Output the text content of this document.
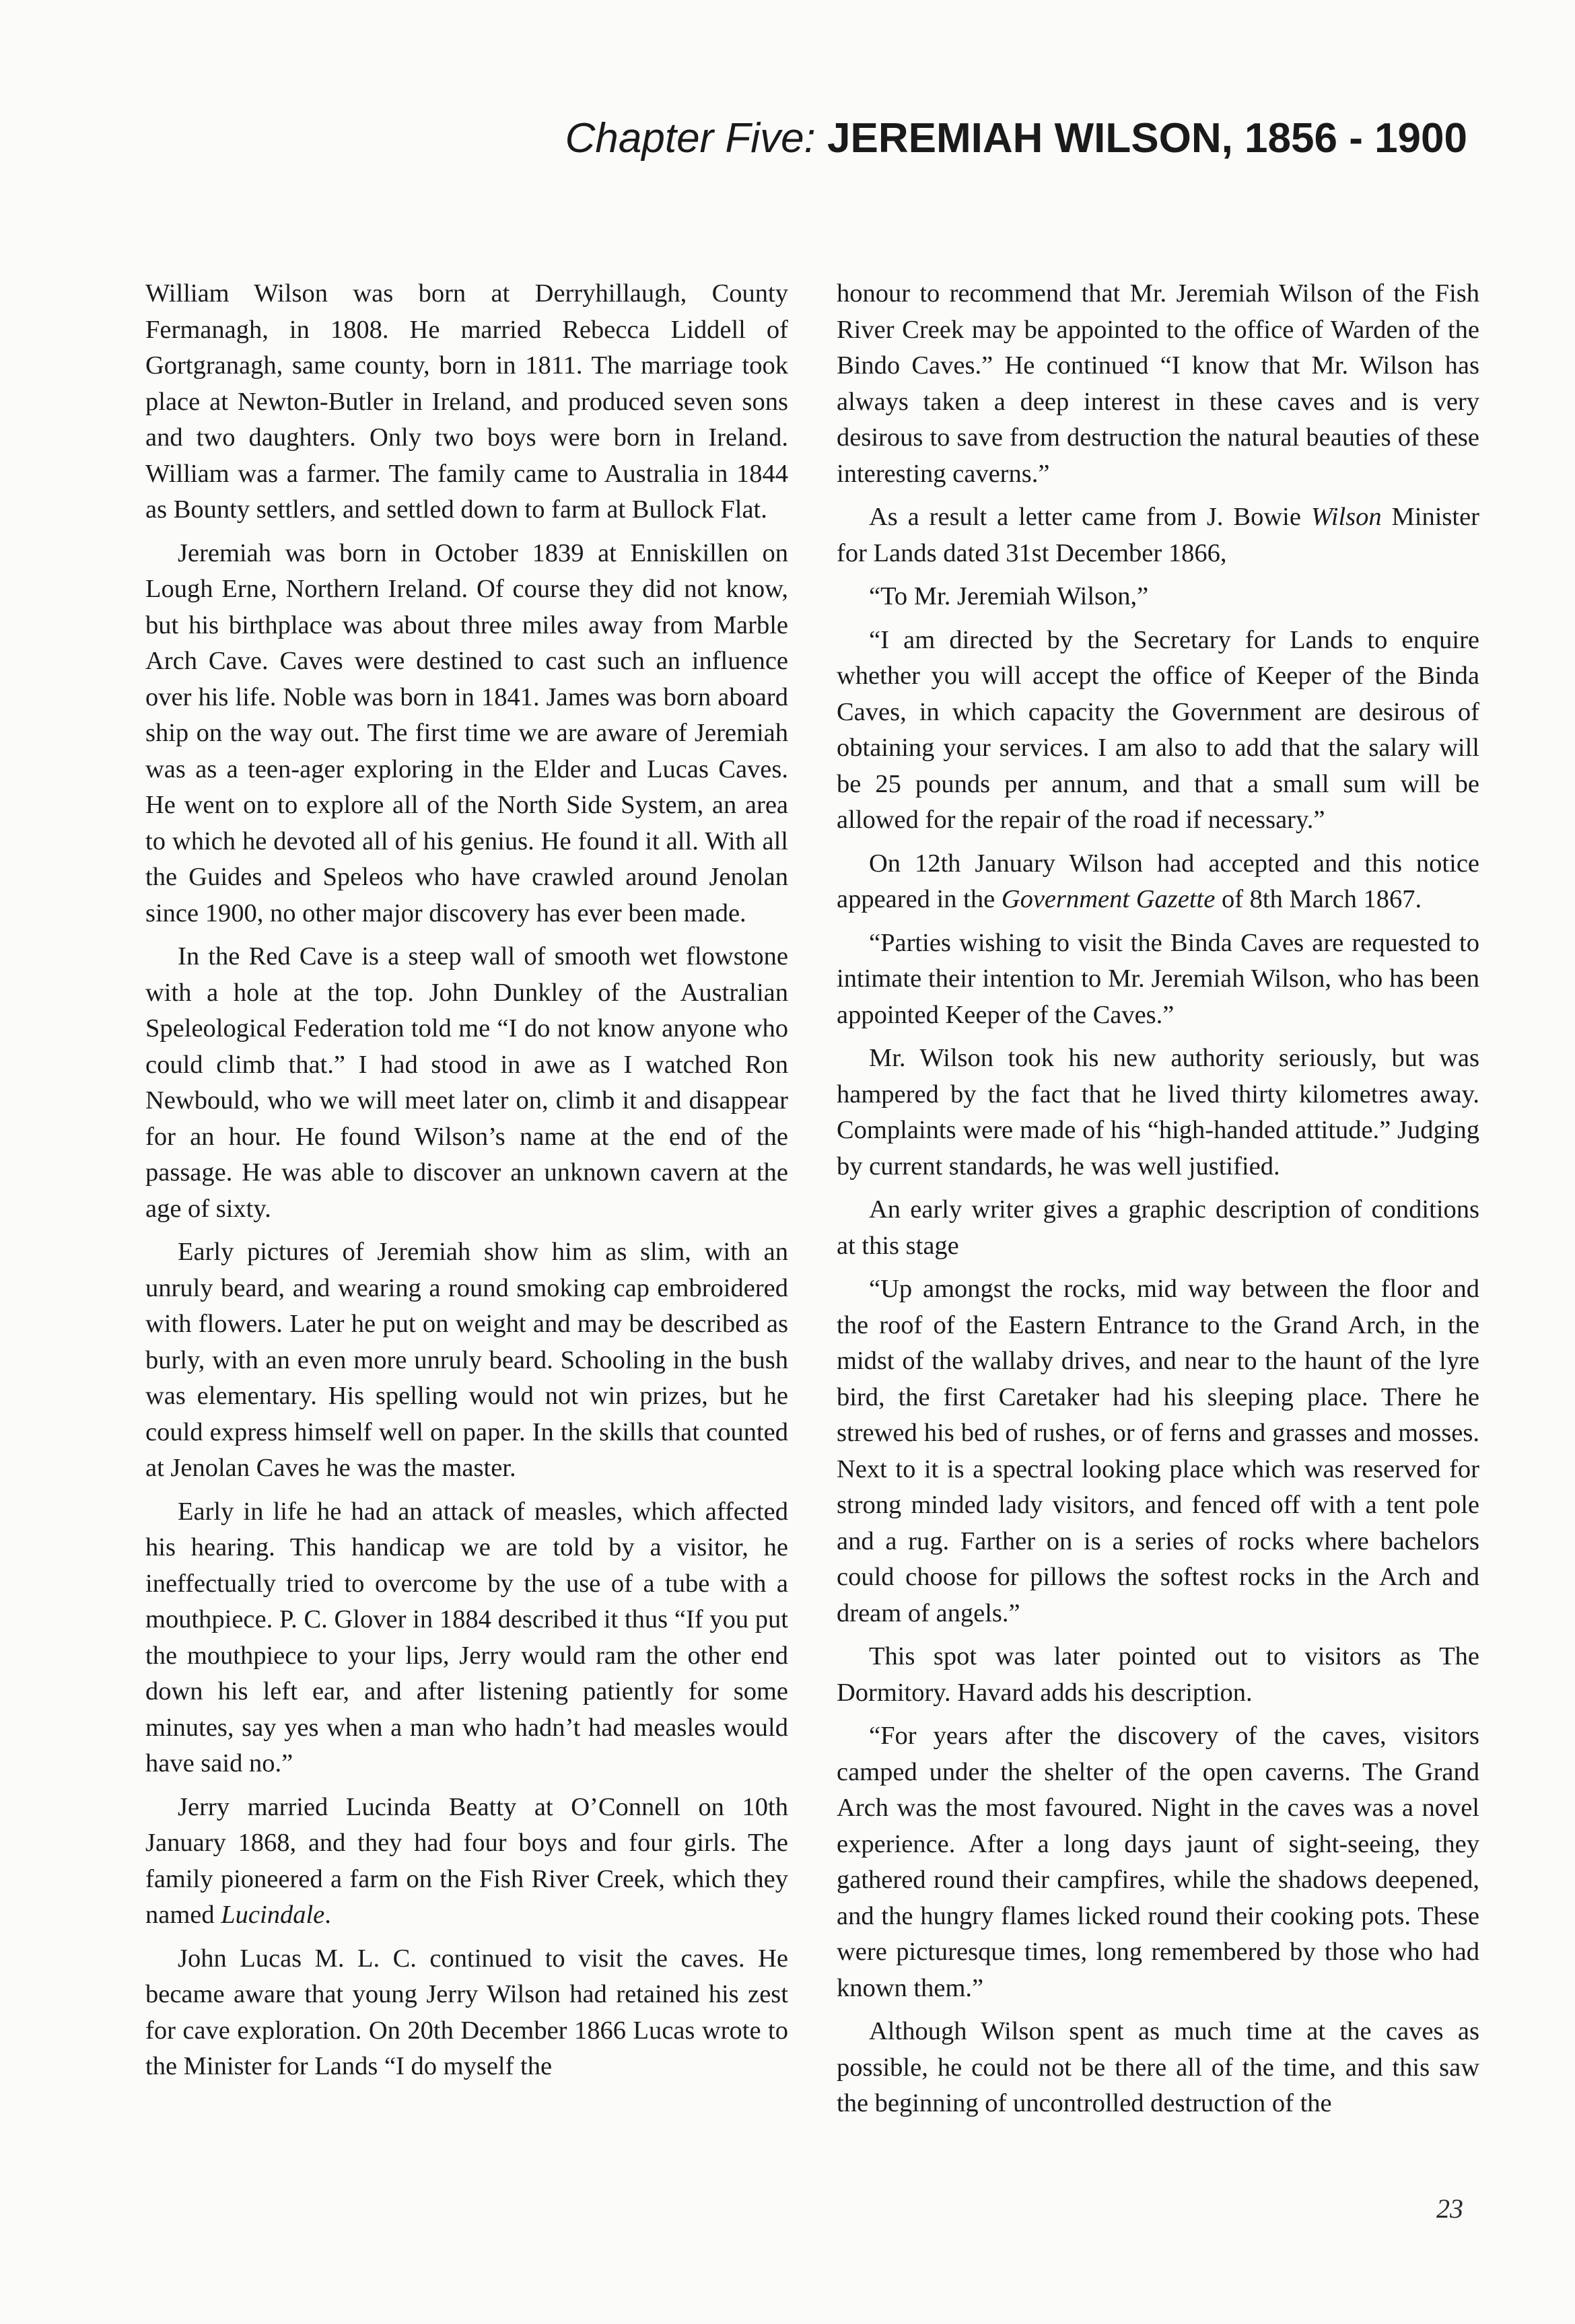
Chapter Five: JEREMIAH WILSON, 1856 - 1900

William Wilson was born at Derryhillaugh, County Fermanagh, in 1808. He married Rebecca Liddell of Gortgranagh, same county, born in 1811. The marriage took place at Newton-Butler in Ireland, and produced seven sons and two daughters. Only two boys were born in Ireland. William was a farmer. The family came to Australia in 1844 as Bounty settlers, and settled down to farm at Bullock Flat.

Jeremiah was born in October 1839 at Enniskillen on Lough Erne, Northern Ireland. Of course they did not know, but his birthplace was about three miles away from Marble Arch Cave. Caves were destined to cast such an influence over his life. Noble was born in 1841. James was born aboard ship on the way out. The first time we are aware of Jeremiah was as a teen-ager exploring in the Elder and Lucas Caves. He went on to explore all of the North Side System, an area to which he devoted all of his genius. He found it all. With all the Guides and Speleos who have crawled around Jenolan since 1900, no other major discovery has ever been made.

In the Red Cave is a steep wall of smooth wet flowstone with a hole at the top. John Dunkley of the Australian Speleological Federation told me “I do not know anyone who could climb that.” I had stood in awe as I watched Ron Newbould, who we will meet later on, climb it and disappear for an hour. He found Wilson’s name at the end of the passage. He was able to discover an unknown cavern at the age of sixty.

Early pictures of Jeremiah show him as slim, with an unruly beard, and wearing a round smoking cap embroidered with flowers. Later he put on weight and may be described as burly, with an even more unruly beard. Schooling in the bush was elementary. His spelling would not win prizes, but he could express himself well on paper. In the skills that counted at Jenolan Caves he was the master.

Early in life he had an attack of measles, which affected his hearing. This handicap we are told by a visitor, he ineffectually tried to overcome by the use of a tube with a mouthpiece. P. C. Glover in 1884 described it thus “If you put the mouthpiece to your lips, Jerry would ram the other end down his left ear, and after listening patiently for some minutes, say yes when a man who hadn’t had measles would have said no.”

Jerry married Lucinda Beatty at O’Connell on 10th January 1868, and they had four boys and four girls. The family pioneered a farm on the Fish River Creek, which they named Lucindale.

John Lucas M. L. C. continued to visit the caves. He became aware that young Jerry Wilson had retained his zest for cave exploration. On 20th December 1866 Lucas wrote to the Minister for Lands “I do myself the

honour to recommend that Mr. Jeremiah Wilson of the Fish River Creek may be appointed to the office of Warden of the Bindo Caves.” He continued “I know that Mr. Wilson has always taken a deep interest in these caves and is very desirous to save from destruction the natural beauties of these interesting caverns.”

As a result a letter came from J. Bowie Wilson Minister for Lands dated 31st December 1866,

“To Mr. Jeremiah Wilson,”

“I am directed by the Secretary for Lands to enquire whether you will accept the office of Keeper of the Binda Caves, in which capacity the Government are desirous of obtaining your services. I am also to add that the salary will be 25 pounds per annum, and that a small sum will be allowed for the repair of the road if necessary.”

On 12th January Wilson had accepted and this notice appeared in the Government Gazette of 8th March 1867.

“Parties wishing to visit the Binda Caves are requested to intimate their intention to Mr. Jeremiah Wilson, who has been appointed Keeper of the Caves.”

Mr. Wilson took his new authority seriously, but was hampered by the fact that he lived thirty kilometres away. Complaints were made of his “high-handed attitude.” Judging by current standards, he was well justified.

An early writer gives a graphic description of conditions at this stage

“Up amongst the rocks, mid way between the floor and the roof of the Eastern Entrance to the Grand Arch, in the midst of the wallaby drives, and near to the haunt of the lyre bird, the first Caretaker had his sleeping place. There he strewed his bed of rushes, or of ferns and grasses and mosses. Next to it is a spectral looking place which was reserved for strong minded lady visitors, and fenced off with a tent pole and a rug. Farther on is a series of rocks where bachelors could choose for pillows the softest rocks in the Arch and dream of angels.”

This spot was later pointed out to visitors as The Dormitory. Havard adds his description.

“For years after the discovery of the caves, visitors camped under the shelter of the open caverns. The Grand Arch was the most favoured. Night in the caves was a novel experience. After a long days jaunt of sight-seeing, they gathered round their campfires, while the shadows deepened, and the hungry flames licked round their cooking pots. These were picturesque times, long remembered by those who had known them.”

Although Wilson spent as much time at the caves as possible, he could not be there all of the time, and this saw the beginning of uncontrolled destruction of the

23
